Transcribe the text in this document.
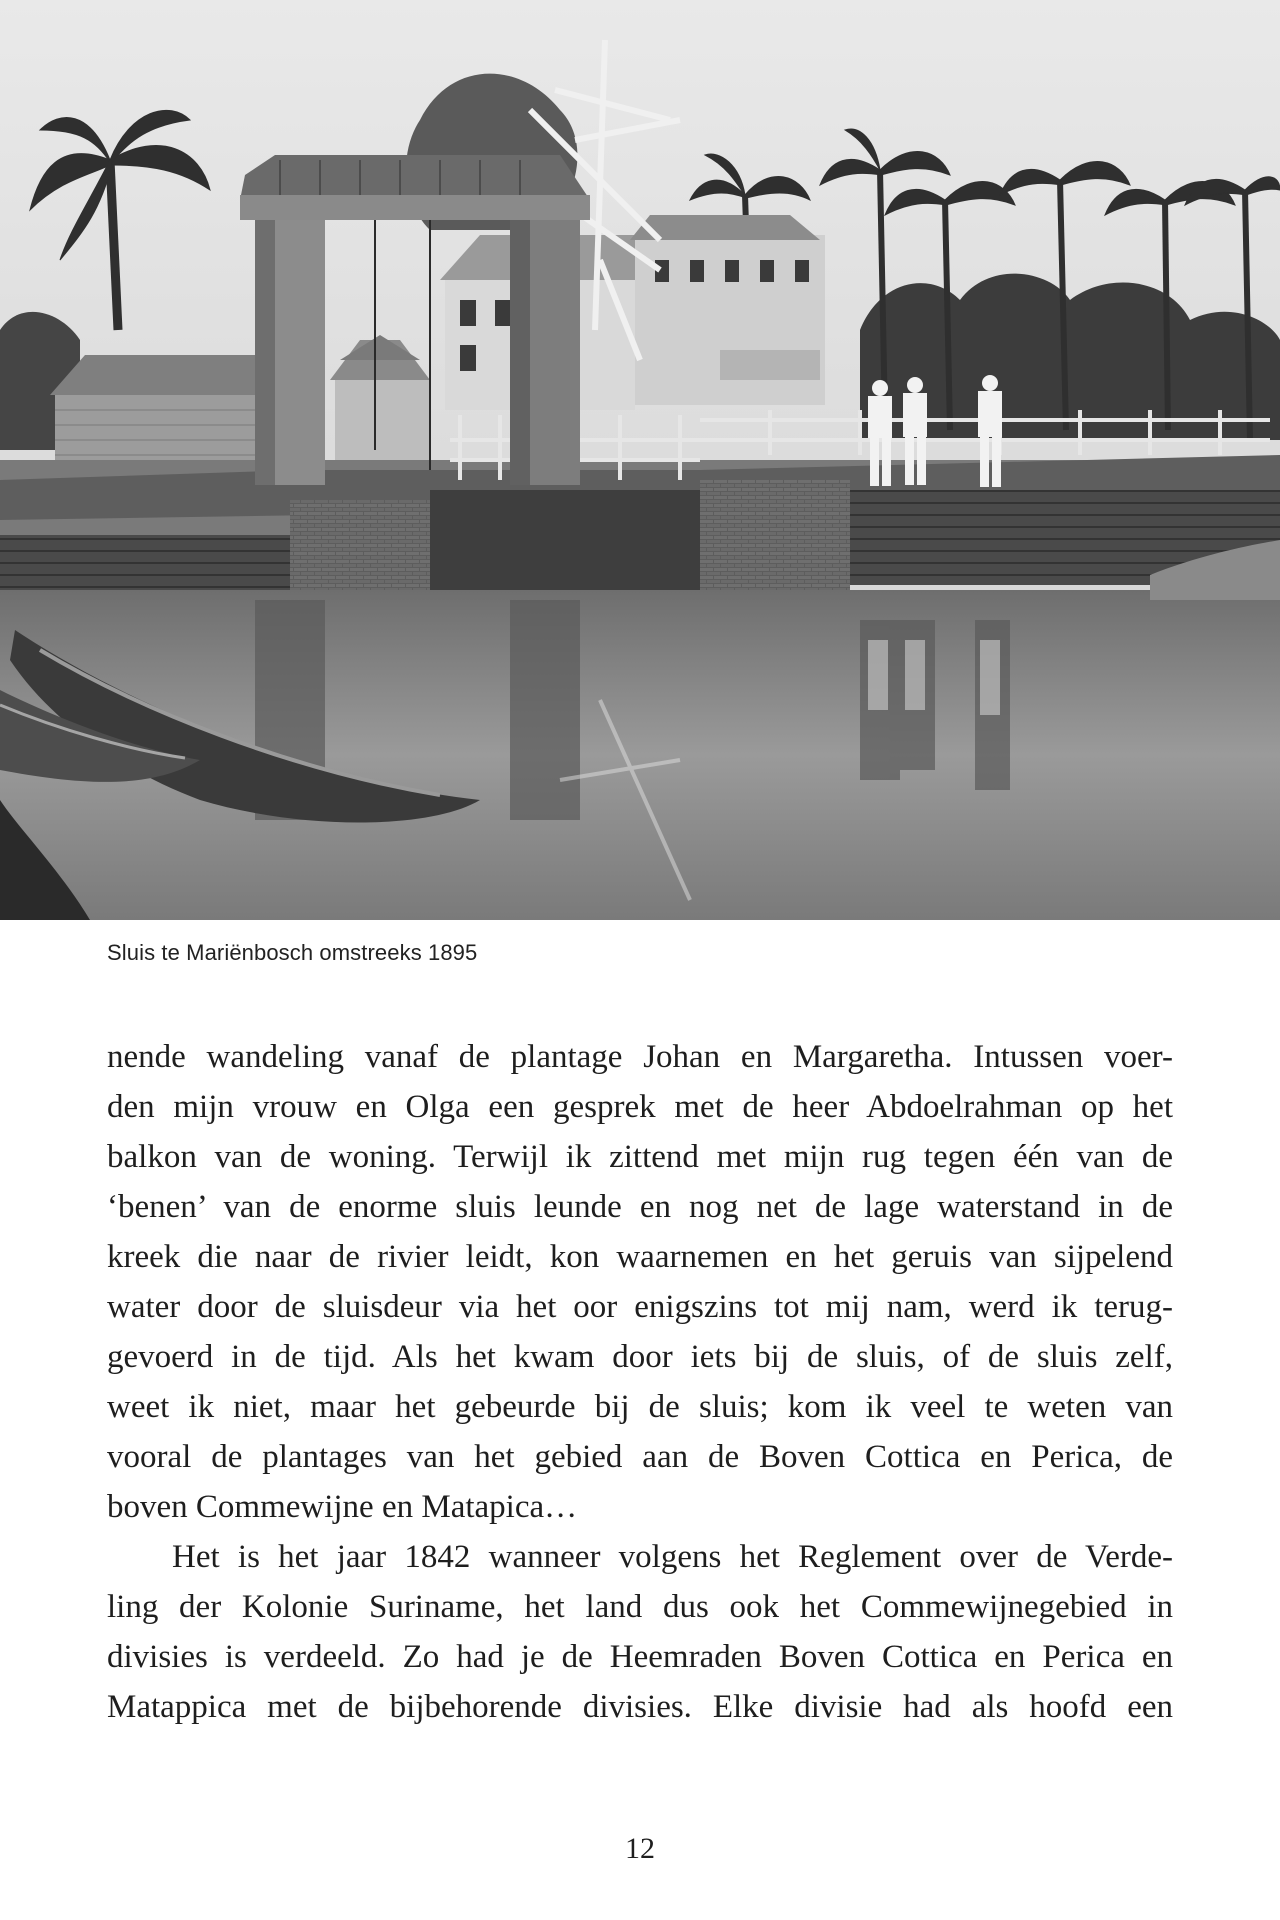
Sluis te Mariënbosch omstreeks 1895
nende wandeling vanaf de plantage Johan en Margaretha. Intussen voer-
den mijn vrouw en Olga een gesprek met de heer Abdoelrahman op het
balkon van de woning. Terwijl ik zittend met mijn rug tegen één van de
‘benen’ van de enorme sluis leunde en nog net de lage waterstand in de
kreek die naar de rivier leidt, kon waarnemen en het geruis van sijpelend
water door de sluisdeur via het oor enigszins tot mij nam, werd ik terug-
gevoerd in de tijd. Als het kwam door iets bij de sluis, of de sluis zelf,
weet ik niet, maar het gebeurde bij de sluis; kom ik veel te weten van
vooral de plantages van het gebied aan de Boven Cottica en Perica, de
boven Commewijne en Matapica…
Het is het jaar 1842 wanneer volgens het Reglement over de Verde-
ling der Kolonie Suriname, het land dus ook het Commewijnegebied in
divisies is verdeeld. Zo had je de Heemraden Boven Cottica en Perica en
Matappica met de bijbehorende divisies. Elke divisie had als hoofd een
12
